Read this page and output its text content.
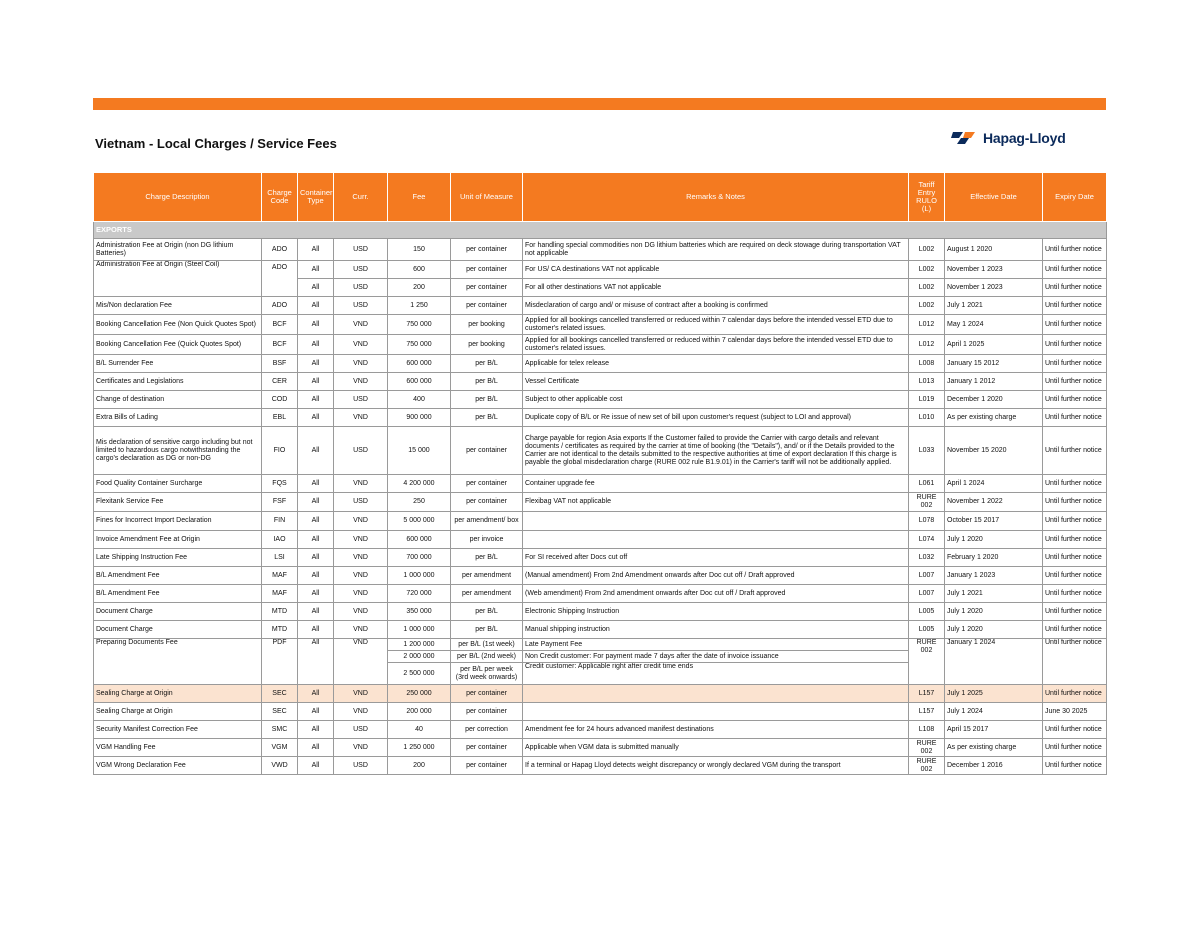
Vietnam - Local Charges / Service Fees	Hapag-Lloyd
Charge Description	Charge Code	Container Type	Curr.	Fee	Unit of Measure	Remarks & Notes	Tariff Entry RULO (L)	Effective Date	Expiry Date
EXPORTS									
Administration Fee at Origin (non DG lithium Batteries)	ADO	All	USD	150	per container	For handling special commodities non DG lithium batteries which are required on deck stowage during transportation VAT not applicable	L002	August 1 2020	Until further notice
Administration Fee at Origin (Steel Coil)	ADO	All	USD	600	per container	For US/ CA destinations VAT not applicable	L002	November 1 2023	Until further notice
		All	USD	200	per container	For all other destinations VAT not applicable	L002	November 1 2023	Until further notice
Mis/Non declaration Fee	ADO	All	USD	1 250	per container	Misdeclaration of cargo and/ or misuse of contract after a booking is confirmed	L002	July 1 2021	Until further notice
Booking Cancellation Fee (Non Quick Quotes Spot)	BCF	All	VND	750 000	per booking	Applied for all bookings cancelled transferred or reduced within 7 calendar days before the intended vessel ETD due to customer's related issues.	L012	May 1 2024	Until further notice
Booking Cancellation Fee (Quick Quotes Spot)	BCF	All	VND	750 000	per booking	Applied for all bookings cancelled transferred or reduced within 7 calendar days before the intended vessel ETD due to customer's related issues.	L012	April 1 2025	Until further notice
B/L Surrender Fee	BSF	All	VND	600 000	per B/L	Applicable for telex release	L008	January 15 2012	Until further notice
Certificates and Legislations	CER	All	VND	600 000	per B/L	Vessel Certificate	L013	January 1 2012	Until further notice
Change of destination	COD	All	USD	400	per B/L	Subject to other applicable cost	L019	December 1 2020	Until further notice
Extra Bills of Lading	EBL	All	VND	900 000	per B/L	Duplicate copy of B/L or Re issue of new set of bill upon customer's request (subject to LOI and approval)	L010	As per existing charge	Until further notice
Mis declaration of sensitive cargo including but not limited to hazardous cargo notwithstanding the cargo's declaration as DG or non-DG	FIO	All	USD	15 000	per container	Charge payable for region Asia exports If the Customer failed to provide the Carrier with cargo details and relevant documents / certificates as required by the carrier at time of booking (the "Details"), and/ or if the Details provided to the Carrier are not identical to the details submitted to the respective authorities at time of export declaration If this charge is payable the global misdeclaration charge (RURE 002 rule B1.9.01) in the Carrier's tariff will not be additionally applied.	L033	November 15 2020	Until further notice
Food Quality Container Surcharge	FQS	All	VND	4 200 000	per container	Container upgrade fee	L061	April 1 2024	Until further notice
Flexitank Service Fee	FSF	All	USD	250	per container	Flexibag VAT not applicable	RURE 002	November 1 2022	Until further notice
Fines for Incorrect Import Declaration	FIN	All	VND	5 000 000	per amendment/ box		L078	October 15 2017	Until further notice
Invoice Amendment Fee at Origin	IAO	All	VND	600 000	per invoice		L074	July 1 2020	Until further notice
Late Shipping Instruction Fee	LSI	All	VND	700 000	per B/L	For SI received after Docs cut off	L032	February 1 2020	Until further notice
B/L Amendment Fee	MAF	All	VND	1 000 000	per amendment	(Manual amendment) From 2nd Amendment onwards after Doc cut off / Draft approved	L007	January 1 2023	Until further notice
B/L Amendment Fee	MAF	All	VND	720 000	per amendment	(Web amendment) From 2nd amendment onwards after Doc cut off / Draft approved	L007	July 1 2021	Until further notice
Document Charge	MTD	All	VND	350 000	per B/L	Electronic Shipping Instruction	L005	July 1 2020	Until further notice
Document Charge	MTD	All	VND	1 000 000	per B/L	Manual shipping instruction	L005	July 1 2020	Until further notice
Preparing Documents Fee	PDF	All	VND	1 200 000	per B/L (1st week)	Late Payment Fee	RURE 002	January 1 2024	Until further notice
				2 000 000	per B/L (2nd week)	Non Credit customer: For payment made 7 days after the date of invoice issuance			
				2 500 000	per B/L per week (3rd week onwards)	Credit customer: Applicable right after credit time ends			
Sealing Charge at Origin	SEC	All	VND	250 000	per container		L157	July 1 2025	Until further notice
Sealing Charge at Origin	SEC	All	VND	200 000	per container		L157	July 1 2024	June 30 2025
Security Manifest Correction Fee	SMC	All	USD	40	per correction	Amendment fee for 24 hours advanced manifest destinations	L108	April 15 2017	Until further notice
VGM Handling Fee	VGM	All	VND	1 250 000	per container	Applicable when VGM data is submitted manually	RURE 002	As per existing charge	Until further notice
VGM Wrong Declaration Fee	VWD	All	USD	200	per container	If a terminal or Hapag Lloyd detects weight discrepancy or wrongly declared VGM during the transport	RURE 002	December 1 2016	Until further notice
